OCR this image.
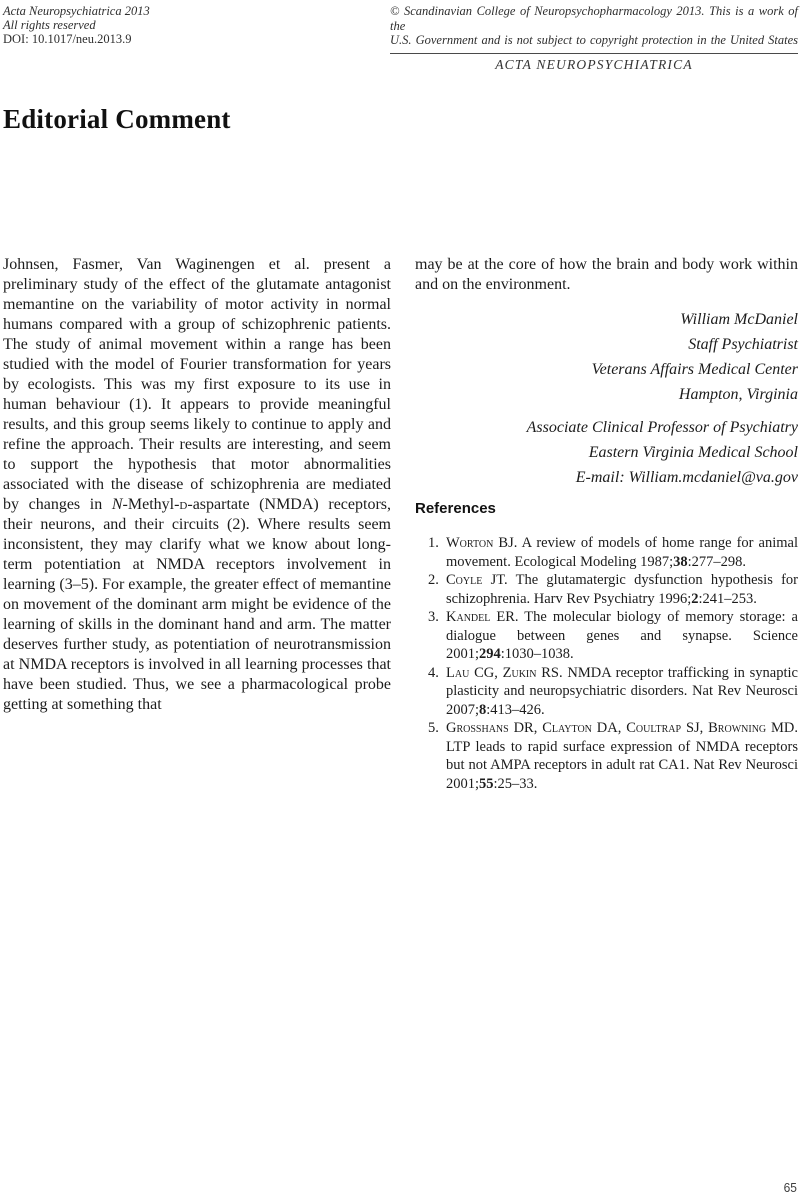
Acta Neuropsychiatrica 2013
All rights reserved
DOI: 10.1017/neu.2013.9
© Scandinavian College of Neuropsychopharmacology 2013. This is a work of the
U.S. Government and is not subject to copyright protection in the United States
ACTA NEUROPSYCHIATRICA
Editorial Comment

Johnsen, Fasmer, Van Waginengen et al. present a preliminary study of the effect of the glutamate antagonist memantine on the variability of motor activity in normal humans compared with a group of schizophrenic patients. The study of animal movement within a range has been studied with the model of Fourier transformation for years by ecologists. This was my first exposure to its use in human behaviour (1). It appears to provide meaningful results, and this group seems likely to continue to apply and refine the approach. Their results are interesting, and seem to support the hypothesis that motor abnormalities associated with the disease of schizophrenia are mediated by changes in N-Methyl-d-aspartate (NMDA) receptors, their neurons, and their circuits (2). Where results seem inconsistent, they may clarify what we know about long-term potentiation at NMDA receptors involvement in learning (3–5). For example, the greater effect of memantine on movement of the dominant arm might be evidence of the learning of skills in the dominant hand and arm. The matter deserves further study, as potentiation of neurotransmission at NMDA receptors is involved in all learning processes that have been studied. Thus, we see a pharmacological probe getting at something that

may be at the core of how the brain and body work within and on the environment.

William McDaniel
Staff Psychiatrist
Veterans Affairs Medical Center
Hampton, Virginia
Associate Clinical Professor of Psychiatry
Eastern Virginia Medical School
E-mail: William.mcdaniel@va.gov
References
1. Worton BJ. A review of models of home range for animal movement. Ecological Modeling 1987;38:277–298.
2. Coyle JT. The glutamatergic dysfunction hypothesis for schizophrenia. Harv Rev Psychiatry 1996;2:241–253.
3. Kandel ER. The molecular biology of memory storage: a dialogue between genes and synapse. Science 2001;294:1030–1038.
4. Lau CG, Zukin RS. NMDA receptor trafficking in synaptic plasticity and neuropsychiatric disorders. Nat Rev Neurosci 2007;8:413–426.
5. Grosshans DR, Clayton DA, Coultrap SJ, Browning MD. LTP leads to rapid surface expression of NMDA receptors but not AMPA receptors in adult rat CA1. Nat Rev Neurosci 2001;55:25–33.
65
